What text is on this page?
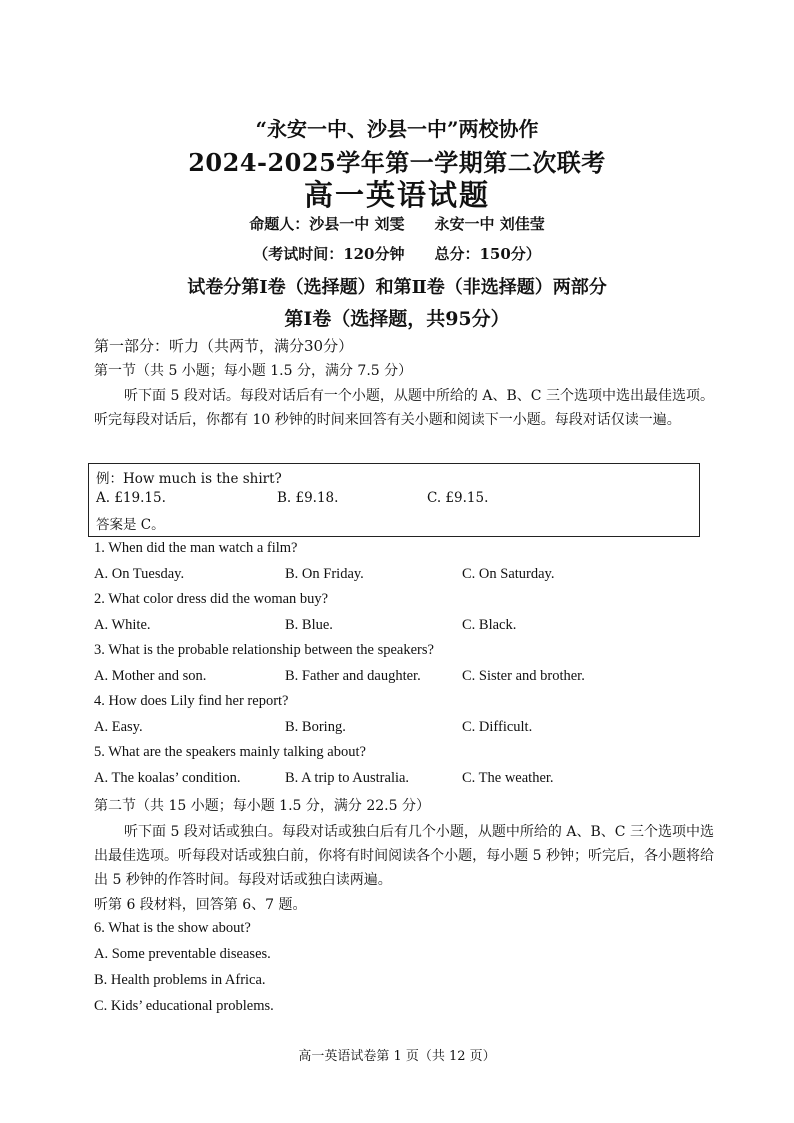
“永安一中、沙县一中”两校协作
2024-2025学年第一学期第二次联考
高一英语试题
命题人：沙县一中 刘雯 永安一中 刘佳莹
（考试时间：120分钟 总分：150分）
试卷分第Ⅰ卷（选择题）和第Ⅱ卷（非选择题）两部分
第Ⅰ卷（选择题，共95分）
第一部分：听力（共两节，满分30分）
第一节（共 5 小题；每小题 1.5 分，满分 7.5 分）
听下面 5 段对话。每段对话后有一个小题，从题中所给的 A、B、C 三个选项中选出最佳选项。听完每段对话后，你都有 10 秒钟的时间来回答有关小题和阅读下一小题。每段对话仅读一遍。
例：How much is the shirt?
A. £19.15.	B. £9.18.	C. £9.15.
答案是 C。
1. When did the man watch a film?
A. On Tuesday.	B. On Friday.	C. On Saturday.
2. What color dress did the woman buy?
A. White.	B. Blue.	C. Black.
3. What is the probable relationship between the speakers?
A. Mother and son.	B. Father and daughter.	C. Sister and brother.
4. How does Lily find her report?
A. Easy.	B. Boring.	C. Difficult.
5. What are the speakers mainly talking about?
A. The koalas’ condition.	B. A trip to Australia.	C. The weather.
第二节（共 15 小题；每小题 1.5 分，满分 22.5 分）
听下面 5 段对话或独白。每段对话或独白后有几个小题，从题中所给的 A、B、C 三个选项中选出最佳选项。听每段对话或独白前，你将有时间阅读各个小题，每小题 5 秒钟；听完后，各小题将给出 5 秒钟的作答时间。每段对话或独白读两遍。
听第 6 段材料，回答第 6、7 题。
6. What is the show about?
A. Some preventable diseases.
B. Health problems in Africa.
C. Kids’ educational problems.
高一英语试卷第 1 页（共 12 页）
